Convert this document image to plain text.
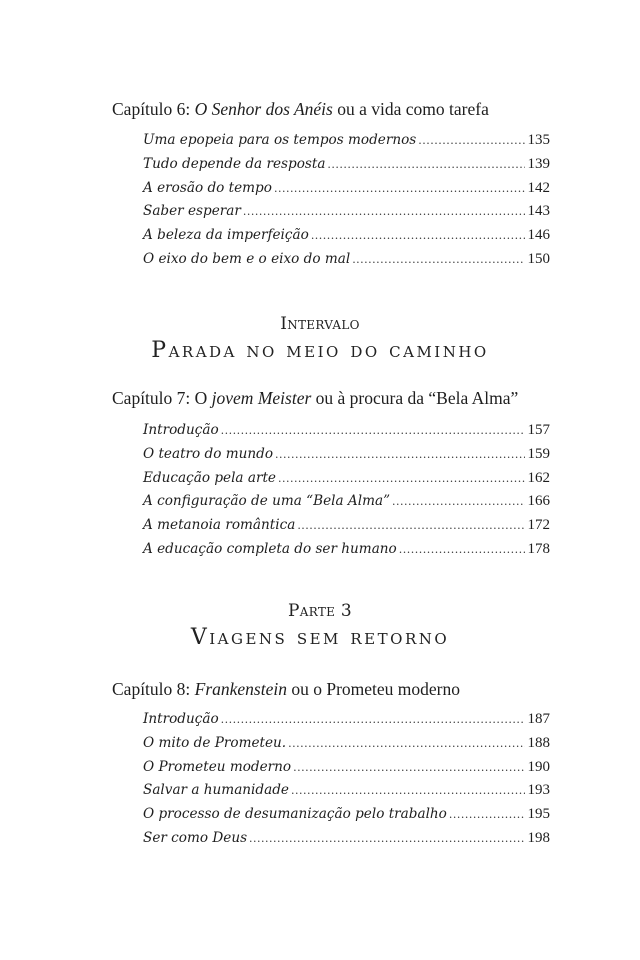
Capítulo 6: O Senhor dos Anéis ou a vida como tarefa
Uma epopeia para os tempos modernos .....	135
Tudo depende da resposta .....	139
A erosão do tempo .....	142
Saber esperar .....	143
A beleza da imperfeição .....	146
O eixo do bem e o eixo do mal .....	150
Intervalo
Parada no meio do caminho
Capítulo 7: O jovem Meister ou à procura da “Bela Alma”
Introdução .....	157
O teatro do mundo .....	159
Educação pela arte .....	162
A configuração de uma “Bela Alma” .....	166
A metanoia romântica .....	172
A educação completa do ser humano .....	178
Parte 3
Viagens sem retorno
Capítulo 8: Frankenstein ou o Prometeu moderno
Introdução .....	187
O mito de Prometeu. .....	188
O Prometeu moderno .....	190
Salvar a humanidade .....	193
O processo de desumanização pelo trabalho .....	195
Ser como Deus .....	198
